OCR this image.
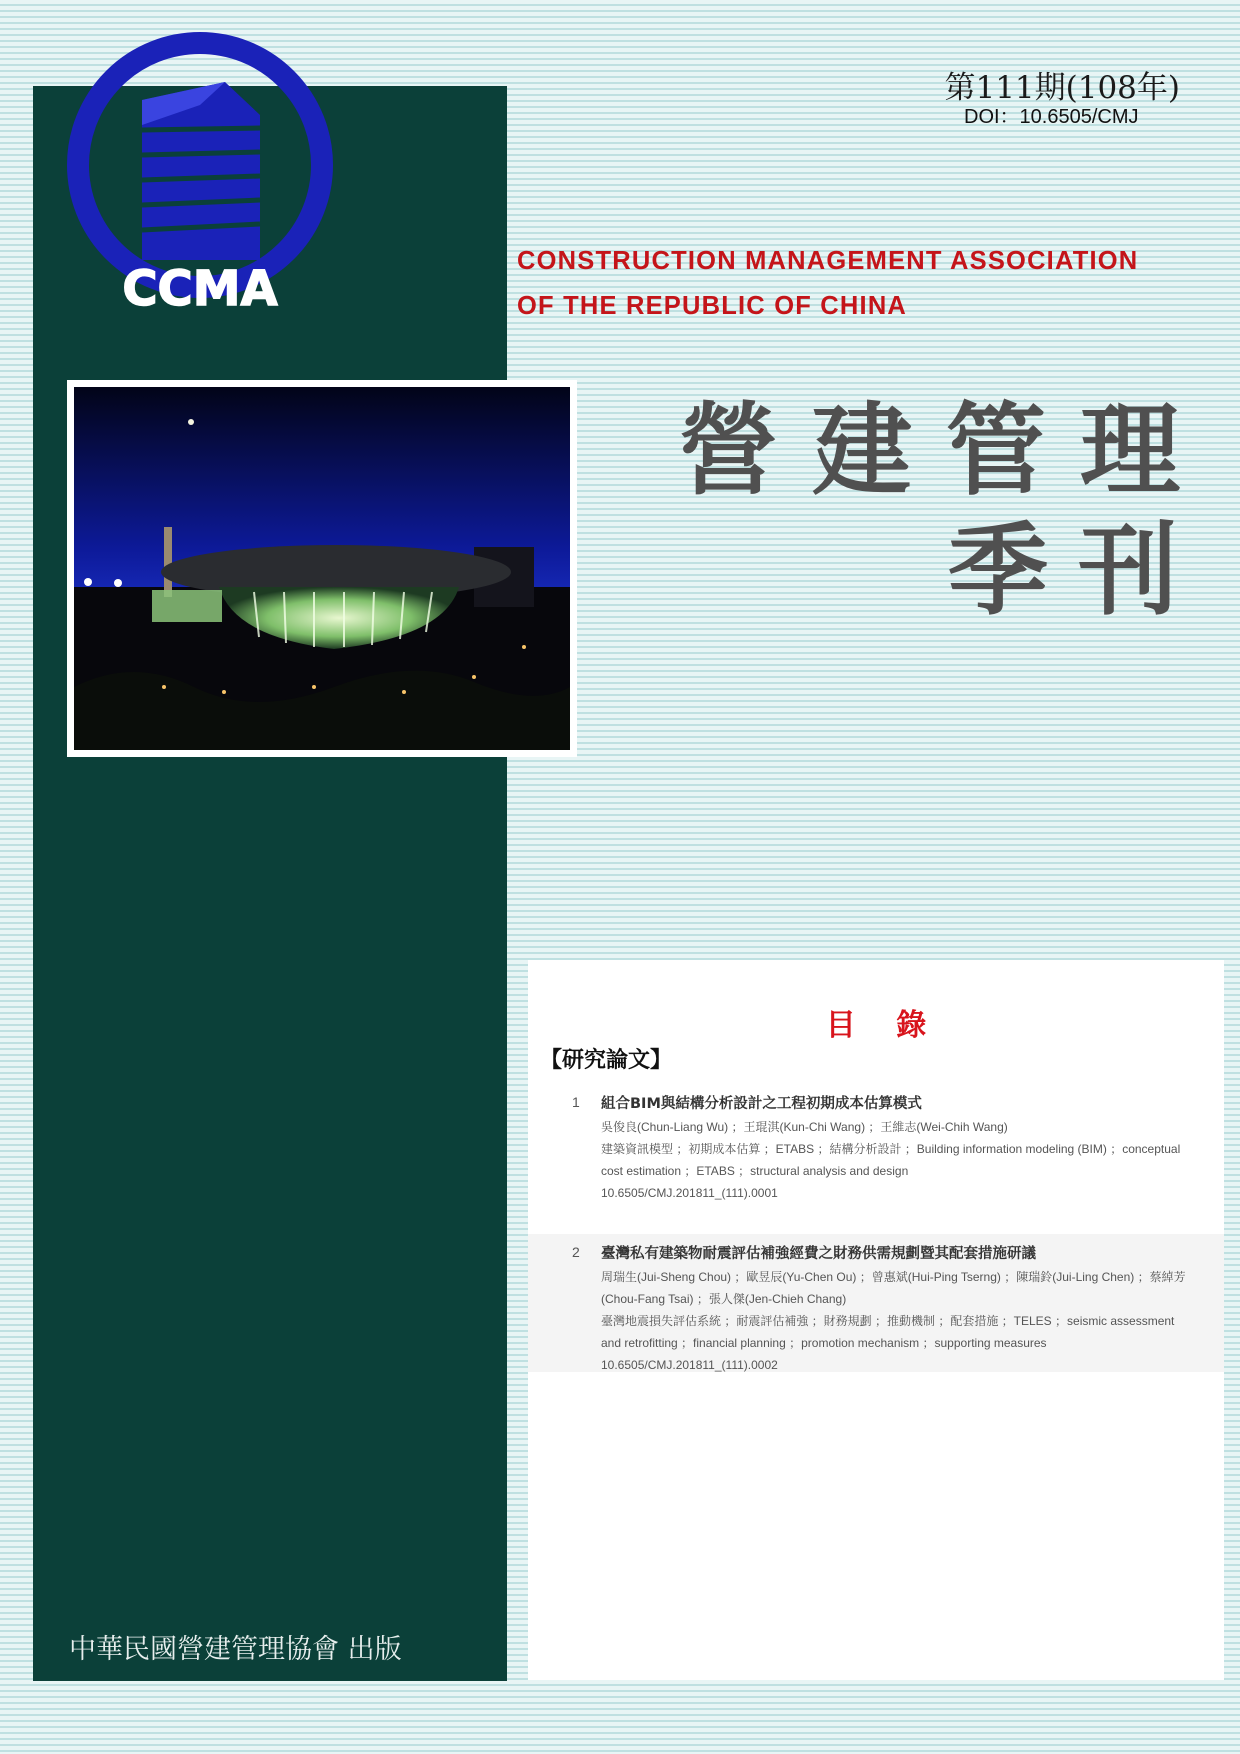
CCMA
第111期(108年)
DOI：10.6505/CMJ
CONSTRUCTION MANAGEMENT ASSOCIATION
OF THE REPUBLIC OF CHINA
營建管理
季刊
目 錄
【研究論文】
1 組合BIM與結構分析設計之工程初期成本估算模式
吳俊良(Chun-Liang Wu) ；王琨淇(Kun-Chi Wang) ；王維志(Wei-Chih Wang)
建築資訊模型 ；初期成本估算 ；ETABS ；結構分析設計 ；Building information modeling (BIM) ；conceptual
cost estimation ；ETABS ；structural analysis and design
10.6505/CMJ.201811_(111).0001
2 臺灣私有建築物耐震評估補強經費之財務供需規劃暨其配套措施研議
周瑞生(Jui-Sheng Chou) ；歐昱辰(Yu-Chen Ou) ；曾惠斌(Hui-Ping Tserng) ；陳瑞鈴(Jui-Ling Chen) ；蔡綽芳
(Chou-Fang Tsai) ；張人傑(Jen-Chieh Chang)
臺灣地震損失評估系統 ；耐震評估補強 ；財務規劃 ；推動機制 ；配套措施 ；TELES ；seismic assessment
and retrofitting ；financial planning ；promotion mechanism ；supporting measures
10.6505/CMJ.201811_(111).0002
中華民國營建管理協會 出版
